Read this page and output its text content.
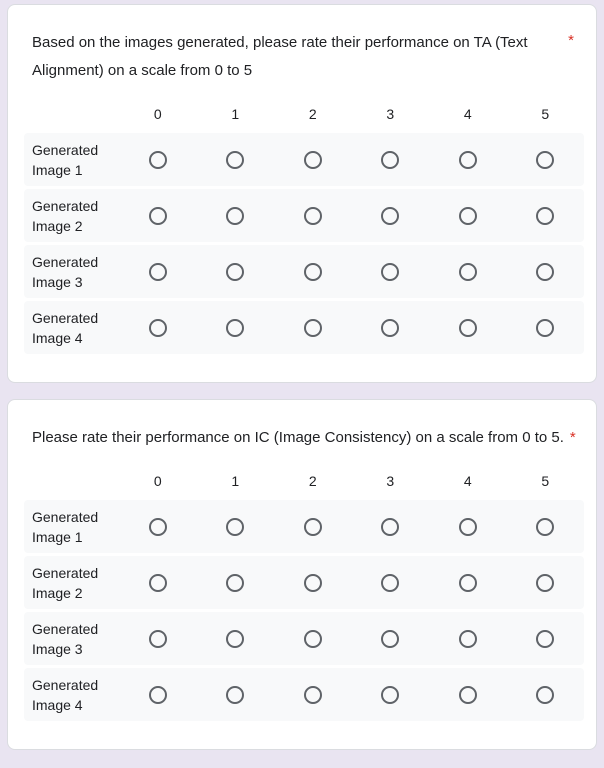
*
Based on the images generated, please rate their performance on TA (Text Alignment) on a scale from 0 to 5
0	1	2	3	4	5
Generated Image 1
Generated Image 2
Generated Image 3
Generated Image 4
Please rate their performance on IC (Image Consistency) on a scale from 0 to 5. *
0	1	2	3	4	5
Generated Image 1
Generated Image 2
Generated Image 3
Generated Image 4
